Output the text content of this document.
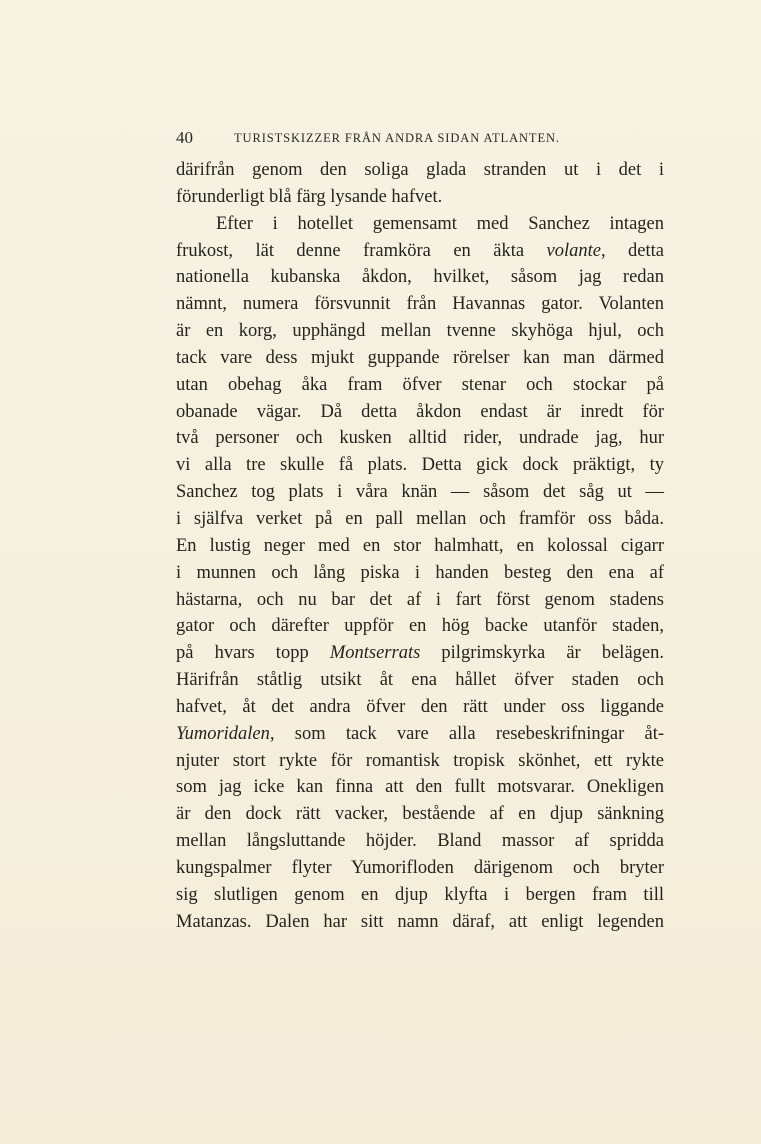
40	TURISTSKIZZER FRÅN ANDRA SIDAN ATLANTEN.
därifrån genom den soliga glada stranden ut i det i
förunderligt blå färg lysande hafvet.
Efter i hotellet gemensamt med Sanchez intagen
frukost, lät denne framköra en äkta volante, detta
nationella kubanska åkdon, hvilket, såsom jag redan
nämnt, numera försvunnit från Havannas gator. Volanten
är en korg, upphängd mellan tvenne skyhöga hjul, och
tack vare dess mjukt guppande rörelser kan man därmed
utan obehag åka fram öfver stenar och stockar på
obanade vägar. Då detta åkdon endast är inredt för
två personer och kusken alltid rider, undrade jag, hur
vi alla tre skulle få plats. Detta gick dock präktigt, ty
Sanchez tog plats i våra knän — såsom det såg ut —
i själfva verket på en pall mellan och framför oss båda.
En lustig neger med en stor halmhatt, en kolossal cigarr
i munnen och lång piska i handen besteg den ena af
hästarna, och nu bar det af i fart först genom stadens
gator och därefter uppför en hög backe utanför staden,
på hvars topp Montserrats pilgrimskyrka är belägen.
Härifrån ståtlig utsikt åt ena hållet öfver staden och
hafvet, åt det andra öfver den rätt under oss liggande
Yumoridalen, som tack vare alla resebeskrifningar åt-
njuter stort rykte för romantisk tropisk skönhet, ett rykte
som jag icke kan finna att den fullt motsvarar. Onekligen
är den dock rätt vacker, bestående af en djup sänkning
mellan långsluttande höjder. Bland massor af spridda
kungspalmer flyter Yumorifloden därigenom och bryter
sig slutligen genom en djup klyfta i bergen fram till
Matanzas. Dalen har sitt namn däraf, att enligt legenden
